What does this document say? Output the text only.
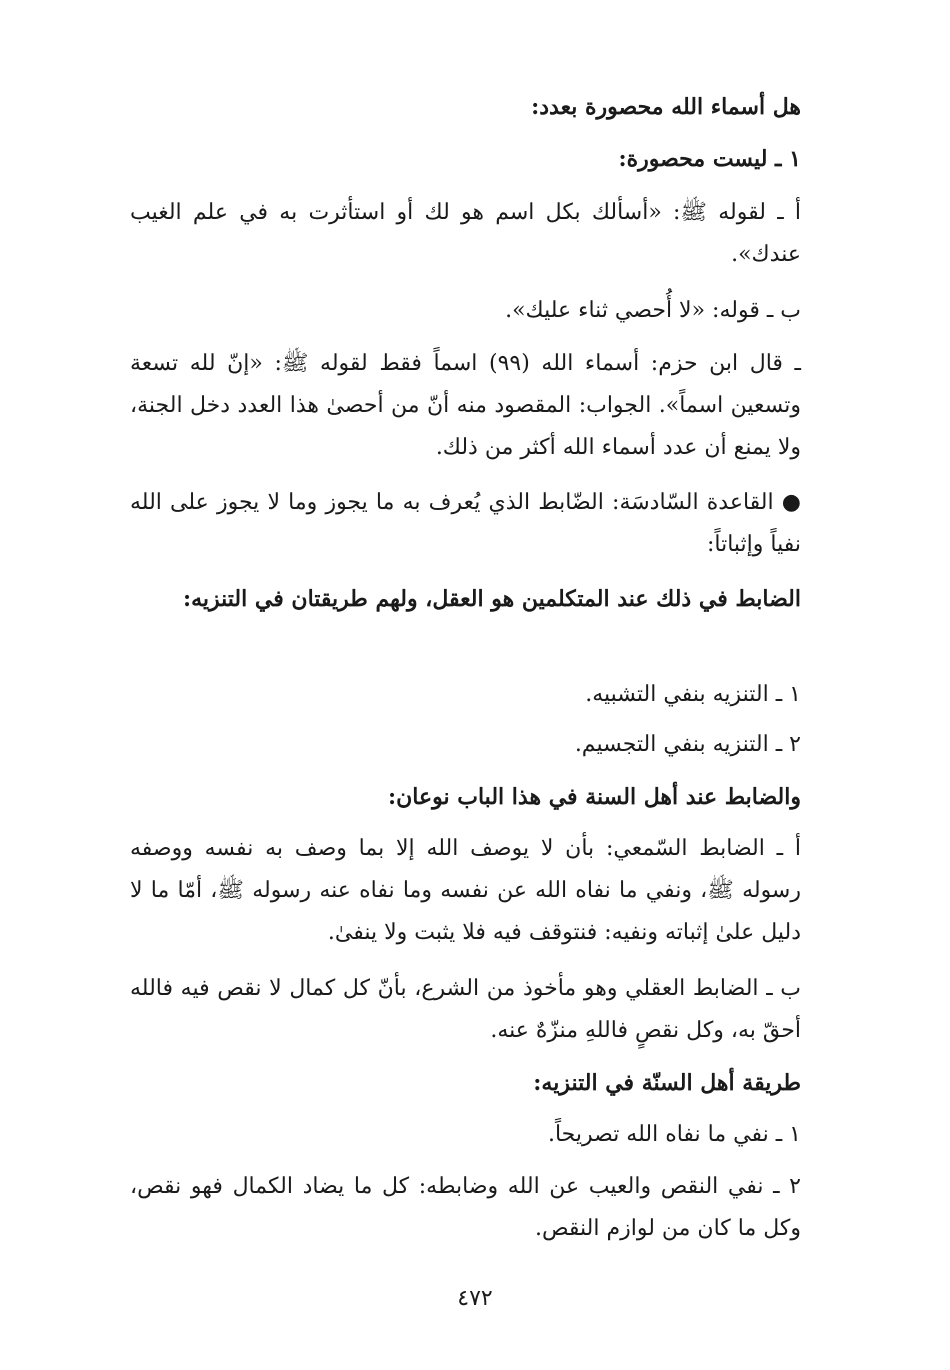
هل أسماء الله محصورة بعدد:
١ ـ ليست محصورة:
أ ـ لقوله ﷺ: «أسألك بكل اسم هو لك أو استأثرت به في علم الغيب عندك».
ب ـ قوله: «لا أُحصي ثناء عليك».
ـ قال ابن حزم: أسماء الله (٩٩) اسماً فقط لقوله ﷺ: «إنّ لله تسعة وتسعين اسماً». الجواب: المقصود منه أنّ من أحصىٰ هذا العدد دخل الجنة، ولا يمنع أن عدد أسماء الله أكثر من ذلك.
● القاعدة السّادسَة: الضّابط الذي يُعرف به ما يجوز وما لا يجوز على الله نفياً وإثباتاً:
الضابط في ذلك عند المتكلمين هو العقل، ولهم طريقتان في التنزيه:
١ ـ التنزيه بنفي التشبيه.
٢ ـ التنزيه بنفي التجسيم.
والضابط عند أهل السنة في هذا الباب نوعان:
أ ـ الضابط السّمعي: بأن لا يوصف الله إلا بما وصف به نفسه ووصفه رسوله ﷺ، ونفي ما نفاه الله عن نفسه وما نفاه عنه رسوله ﷺ، أمّا ما لا دليل علىٰ إثباته ونفيه: فنتوقف فيه فلا يثبت ولا ينفىٰ.
ب ـ الضابط العقلي وهو مأخوذ من الشرع، بأنّ كل كمال لا نقص فيه فالله أحقّ به، وكل نقصٍ فاللهِ منزّهٌ عنه.
طريقة أهل السنّة في التنزيه:
١ ـ نفي ما نفاه الله تصريحاً.
٢ ـ نفي النقص والعيب عن الله وضابطه: كل ما يضاد الكمال فهو نقص، وكل ما كان من لوازم النقص.
٤٧٢
